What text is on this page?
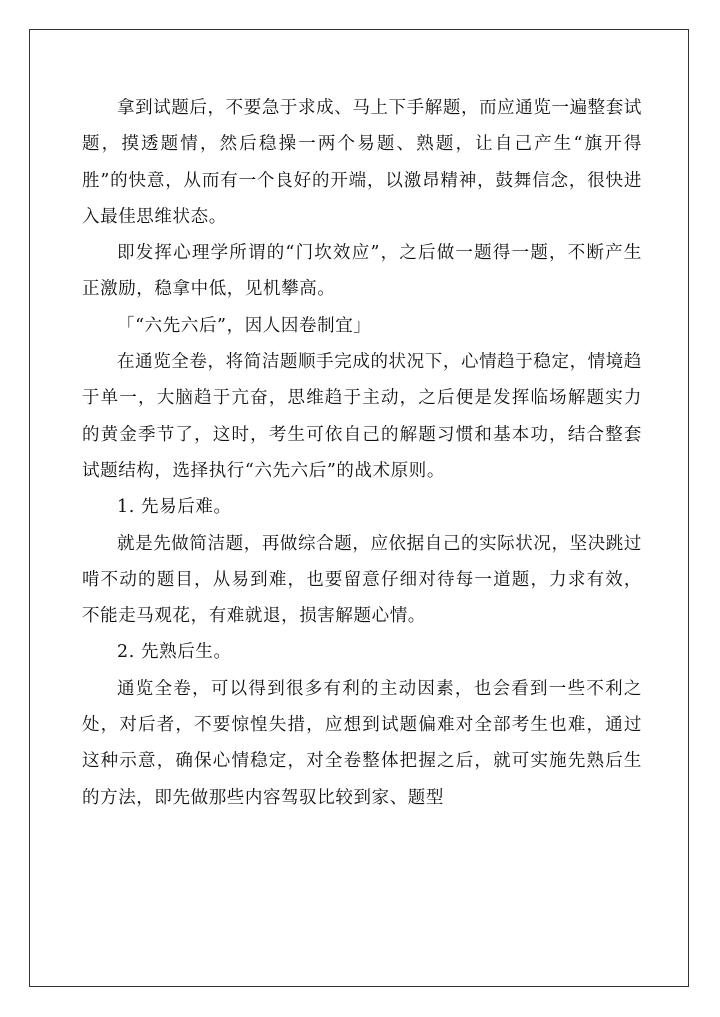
拿到试题后，不要急于求成、马上下手解题，而应通览一遍整套试题，摸透题情，然后稳操一两个易题、熟题，让自己产生“旗开得胜”的快意，从而有一个良好的开端，以激昂精神，鼓舞信念，很快进入最佳思维状态。

即发挥心理学所谓的“门坎效应”，之后做一题得一题，不断产生正激励，稳拿中低，见机攀高。

「“六先六后”，因人因卷制宜」

在通览全卷，将简洁题顺手完成的状况下，心情趋于稳定，情境趋于单一，大脑趋于亢奋，思维趋于主动，之后便是发挥临场解题实力的黄金季节了，这时，考生可依自己的解题习惯和基本功，结合整套试题结构，选择执行“六先六后”的战术原则。

1. 先易后难。

就是先做简洁题，再做综合题，应依据自己的实际状况，坚决跳过啃不动的题目，从易到难，也要留意仔细对待每一道题，力求有效，不能走马观花，有难就退，损害解题心情。

2. 先熟后生。

通览全卷，可以得到很多有利的主动因素，也会看到一些不利之处，对后者，不要惊惶失措，应想到试题偏难对全部考生也难，通过这种示意，确保心情稳定，对全卷整体把握之后，就可实施先熟后生的方法，即先做那些内容驾驭比较到家、题型
